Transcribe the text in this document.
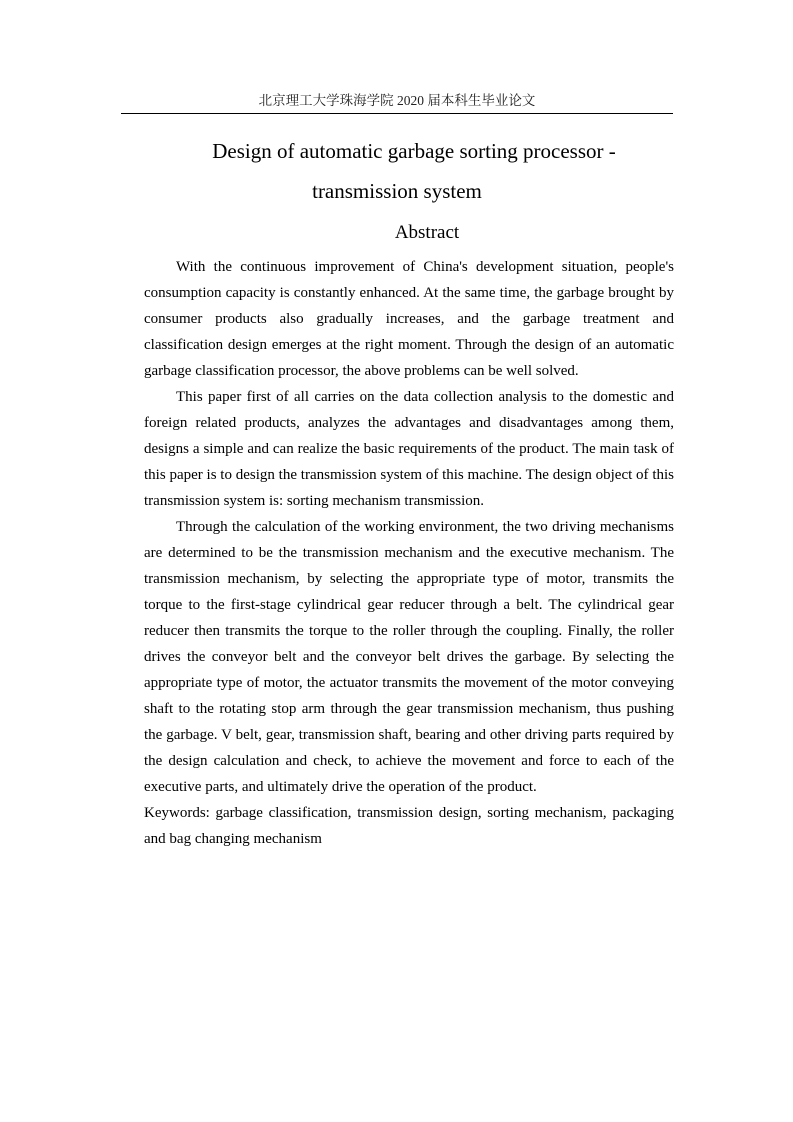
北京理工大学珠海学院 2020 届本科生毕业论文
Design of automatic garbage sorting processor -
transmission system
Abstract

With the continuous improvement of China's development situation, people's consumption capacity is constantly enhanced. At the same time, the garbage brought by consumer products also gradually increases, and the garbage treatment and classification design emerges at the right moment. Through the design of an automatic garbage classification processor, the above problems can be well solved.

This paper first of all carries on the data collection analysis to the domestic and foreign related products, analyzes the advantages and disadvantages among them, designs a simple and can realize the basic requirements of the product. The main task of this paper is to design the transmission system of this machine. The design object of this transmission system is: sorting mechanism transmission.

Through the calculation of the working environment, the two driving mechanisms are determined to be the transmission mechanism and the executive mechanism. The transmission mechanism, by selecting the appropriate type of motor, transmits the torque to the first-stage cylindrical gear reducer through a belt. The cylindrical gear reducer then transmits the torque to the roller through the coupling. Finally, the roller drives the conveyor belt and the conveyor belt drives the garbage. By selecting the appropriate type of motor, the actuator transmits the movement of the motor conveying shaft to the rotating stop arm through the gear transmission mechanism, thus pushing the garbage. V belt, gear, transmission shaft, bearing and other driving parts required by the design calculation and check, to achieve the movement and force to each of the executive parts, and ultimately drive the operation of the product.

Keywords: garbage classification, transmission design, sorting mechanism, packaging and bag changing mechanism
